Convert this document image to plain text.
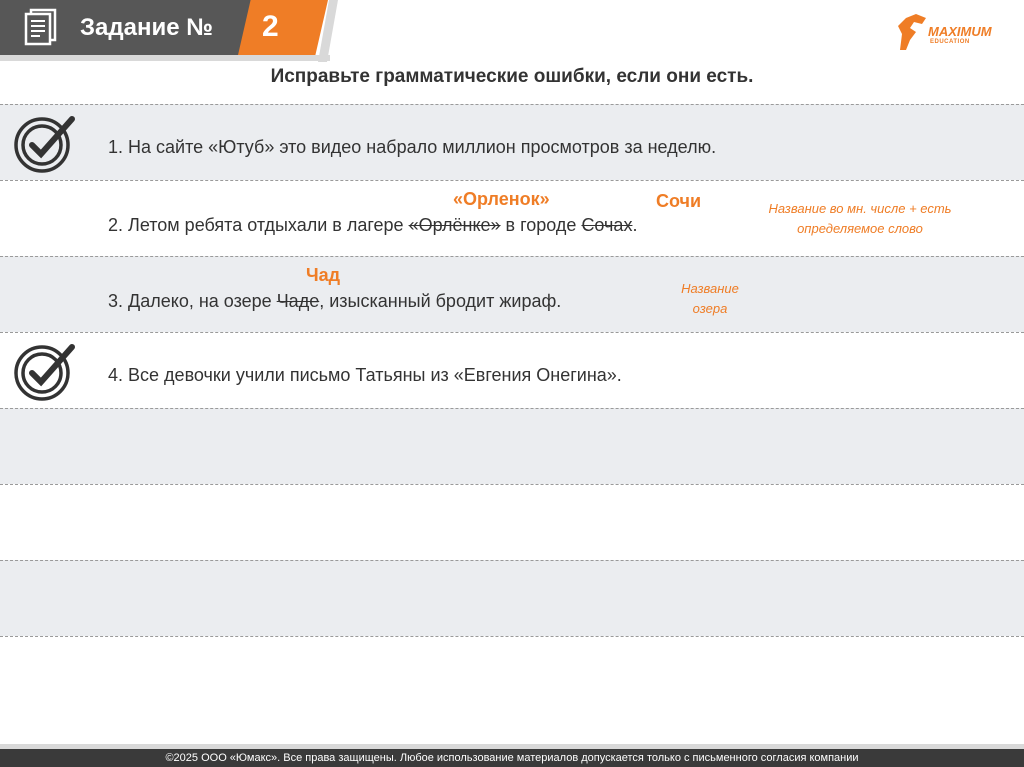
Задание № 2	MAXIMUM
EDUCATION
Исправьте грамматические ошибки, если они есть.
1. На сайте «Ютуб» это видео набрало миллион просмотров за неделю.
«Орленок»	Сочи
2. Летом ребята отдыхали в лагере «Орлёнке» в городе Сочах.
Название во мн. числе + есть определяемое слово
Чад
3. Далеко, на озере Чаде, изысканный бродит жираф.
Название озера
4. Все девочки учили письмо Татьяны из «Евгения Онегина».
©2025 ООО «Юмакс». Все права защищены. Любое использование материалов допускается только с письменного согласия компании
